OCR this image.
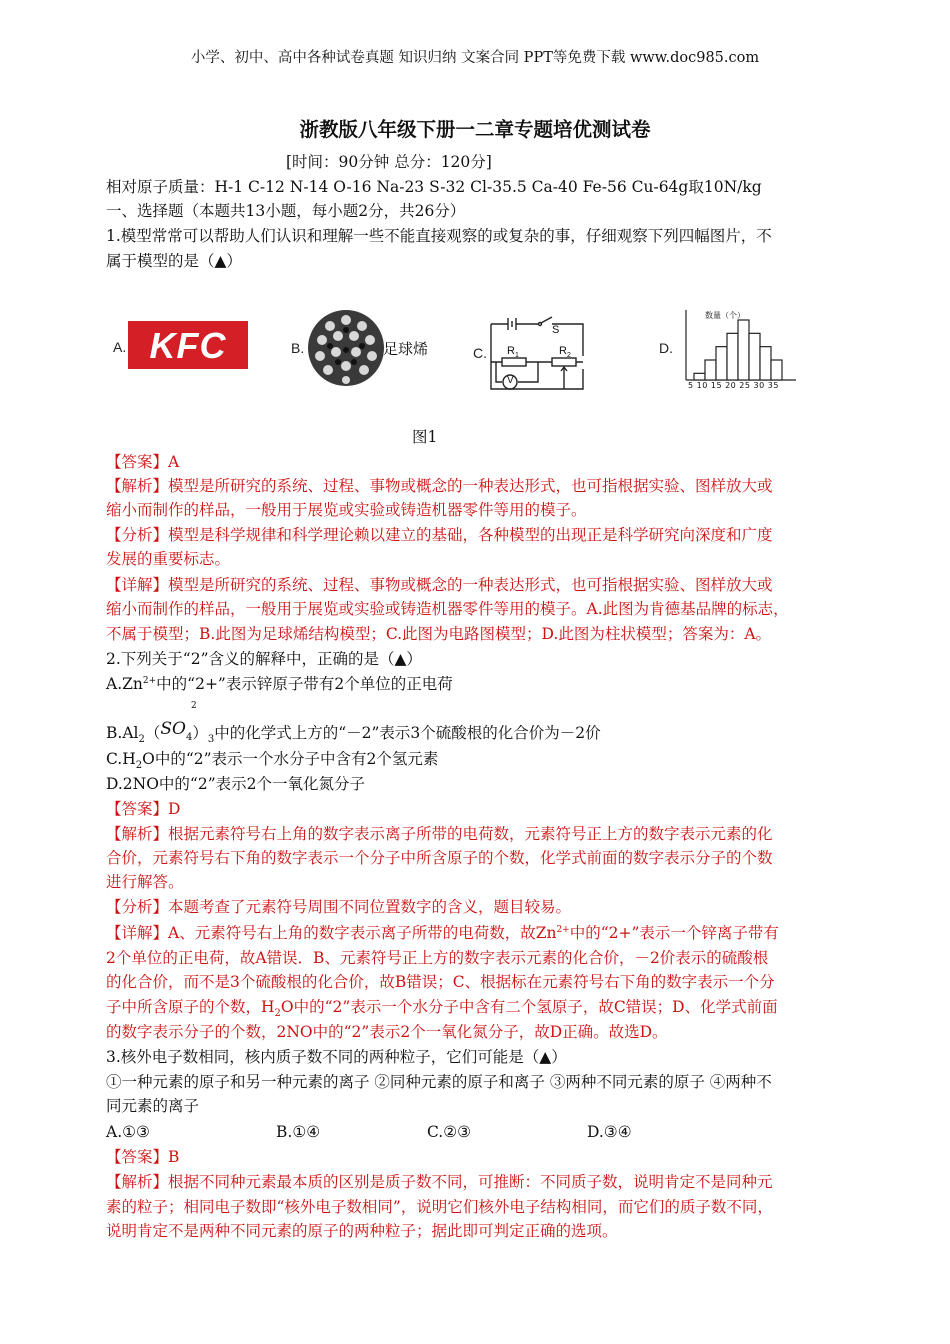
小学、初中、高中各种试卷真题 知识归纳 文案合同 PPT等免费下载 www.doc985.com
浙教版八年级下册一二章专题培优测试卷
[时间：90分钟 总分：120分]
相对原子质量：H-1 C-12 N-14 O-16 Na-23 S-32 Cl-35.5 Ca-40 Fe-56 Cu-64g取10N/kg
一、选择题（本题共13小题，每小题2分，共26分）
1.模型常常可以帮助人们认识和理解一些不能直接观察的或复杂的事，仔细观察下列四幅图片，不
属于模型的是（▲）
A. KFC	B.	足球烯	C. $R_1$	$R_2$
S
V
D.
数量（个）
5 10 15 20 25 30 35
图1
【答案】A
【解析】模型是所研究的系统、过程、事物或概念的一种表达形式，也可指根据实验、图样放大或
缩小而制作的样品，一般用于展览或实验或铸造机器零件等用的模子。
【分析】模型是科学规律和科学理论赖以建立的基础，各种模型的出现正是科学研究向深度和广度
发展的重要标志。
【详解】模型是所研究的系统、过程、事物或概念的一种表达形式，也可指根据实验、图样放大或
缩小而制作的样品，一般用于展览或实验或铸造机器零件等用的模子。A.此图为肯德基品牌的标志，
不属于模型；B.此图为足球烯结构模型；C.此图为电路图模型；D.此图为柱状模型；答案为：A。
2.下列关于“2”含义的解释中，正确的是（▲）
$A.Zn^{2+}$中的“2+”表示锌原子带有2个单位的正电荷
$B.Al_2(SO_4)_3$中的化学式上方的“－2”表示3个硫酸根的化合价为－2价
2
$C.H_2O$中的“2”表示一个水分子中含有2个氢元素
D.2NO中的“2”表示2个一氧化氮分子
【答案】D
【解析】根据元素符号右上角的数字表示离子所带的电荷数，元素符号正上方的数字表示元素的化
合价，元素符号右下角的数字表示一个分子中所含原子的个数，化学式前面的数字表示分子的个数
进行解答。
【分析】本题考查了元素符号周围不同位置数字的含义，题目较易。
【详解】A、元素符号右上角的数字表示离子所带的电荷数，故$Zn^{2+}$中的“2+”表示一个锌离子带有
2个单位的正电荷，故A错误．B、元素符号正上方的数字表示元素的化合价，－2价表示的硫酸根
的化合价，而不是3个硫酸根的化合价，故B错误；C、根据标在元素符号右下角的数字表示一个分
子中所含原子的个数，$H_2O$中的“2”表示一个水分子中含有二个氢原子，故C错误；D、化学式前面
的数字表示分子的个数，2NO中的“2”表示2个一氧化氮分子，故D正确。故选D。
3.核外电子数相同，核内质子数不同的两种粒子，它们可能是（▲）
①一种元素的原子和另一种元素的离子 ②同种元素的原子和离子 ③两种不同元素的原子 ④两种不
同元素的离子
A.①③	B.①④	C.②③	D.③④
【答案】B
【解析】根据不同种元素最本质的区别是质子数不同，可推断：不同质子数，说明肯定不是同种元
素的粒子；相同电子数即“核外电子数相同”，说明它们核外电子结构相同，而它们的质子数不同，
说明肯定不是两种不同元素的原子的两种粒子；据此即可判定正确的选项。
